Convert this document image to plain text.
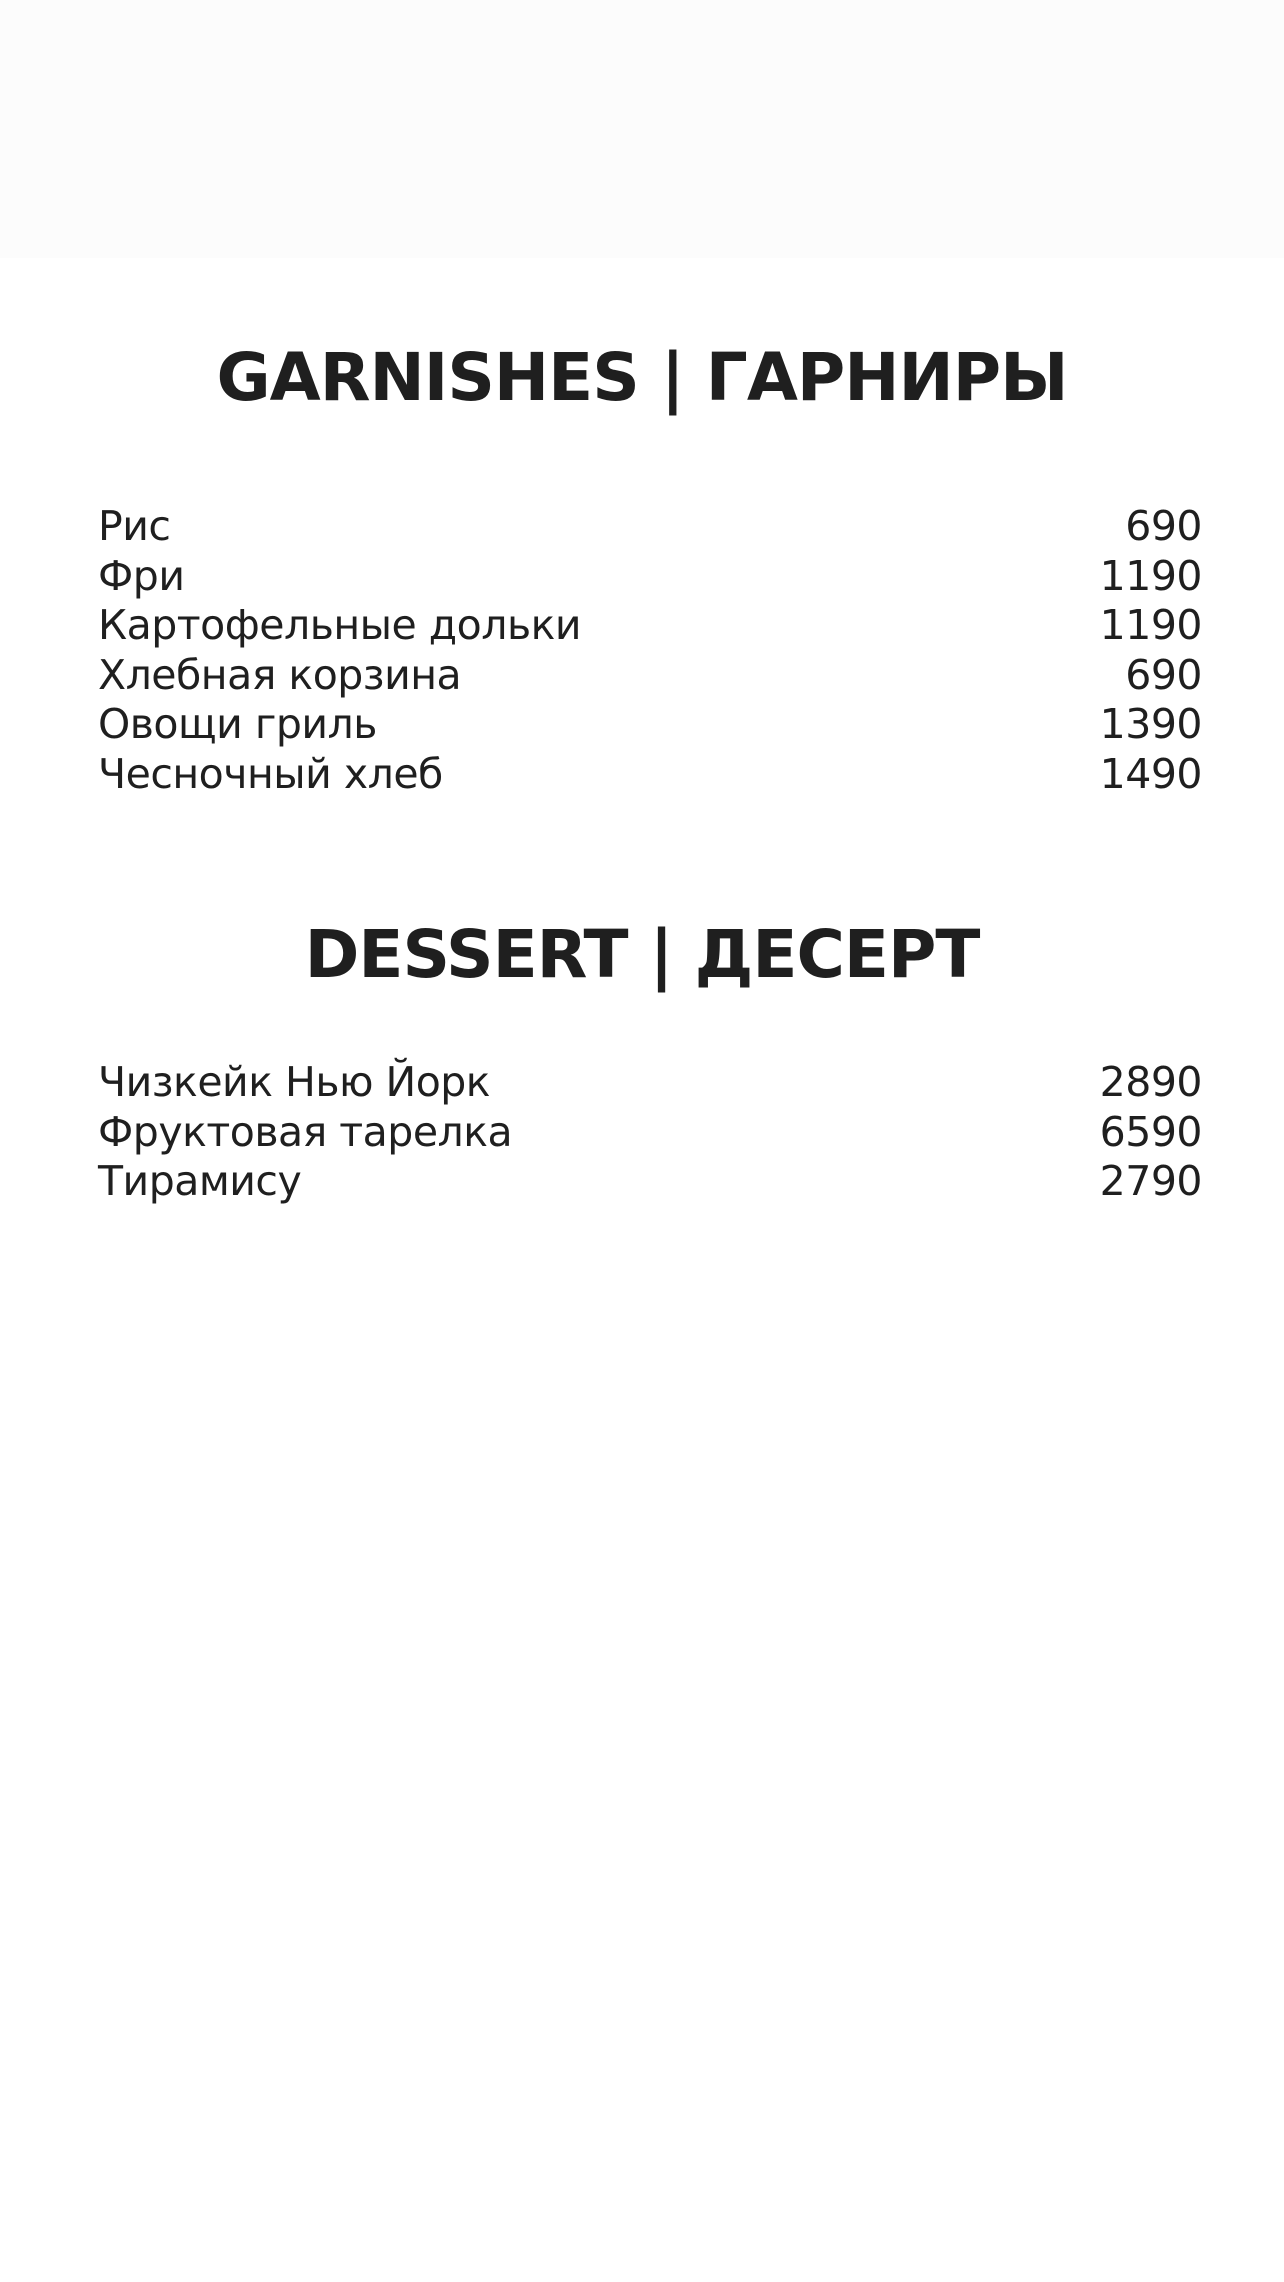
GARNISHES | ГАРНИРЫ
Рис	690
Фри	1190
Картофельные дольки	1190
Хлебная корзина	690
Овощи гриль	1390
Чесночный хлеб	1490
DESSERT | ДЕСЕРТ
Чизкейк Нью Йорк	2890
Фруктовая тарелка	6590
Тирамису	2790
